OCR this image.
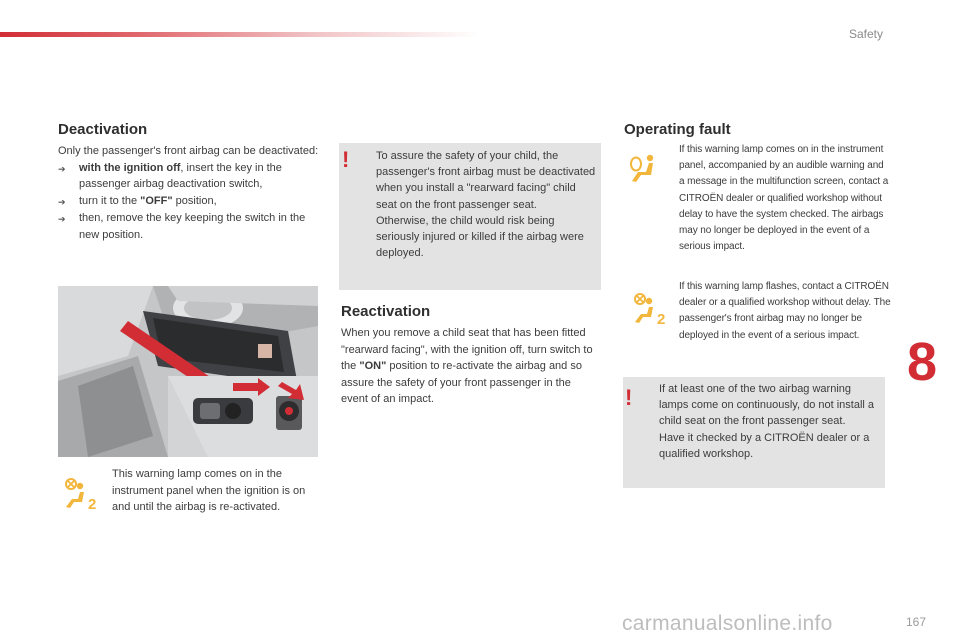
Safety
Deactivation

Only the passenger's front airbag can be deactivated:

➔	with the ignition off, insert the key in the passenger airbag deactivation switch,
➔	turn it to the "OFF" position,
➔	then, remove the key keeping the switch in the new position.
2
This warning lamp comes on in the instrument panel when the ignition is on and until the airbag is re-activated.
! To assure the safety of your child, the passenger's front airbag must be deactivated when you install a "rearward facing" child seat on the front passenger seat.

Otherwise, the child would risk being seriously injured or killed if the airbag were deployed.

Reactivation
When you remove a child seat that has been fitted "rearward facing", with the ignition off, turn switch to the "ON" position to re-activate the airbag and so assure the safety of your front passenger in the event of an impact.
Operating fault
If this warning lamp comes on in the instrument panel, accompanied by an audible warning and a message in the multifunction screen, contact a CITROËN dealer or qualified workshop without delay to have the system checked. The airbags may no longer be deployed in the event of a serious impact.
2
If this warning lamp flashes, contact a CITROËN dealer or a qualified workshop without delay. The passenger's front airbag may no longer be deployed in the event of a serious impact.
! If at least one of the two airbag warning lamps come on continuously, do not install a child seat on the front passenger seat.

Have it checked by a CITROËN dealer or a qualified workshop.

8
167
carmanualsonline.info
